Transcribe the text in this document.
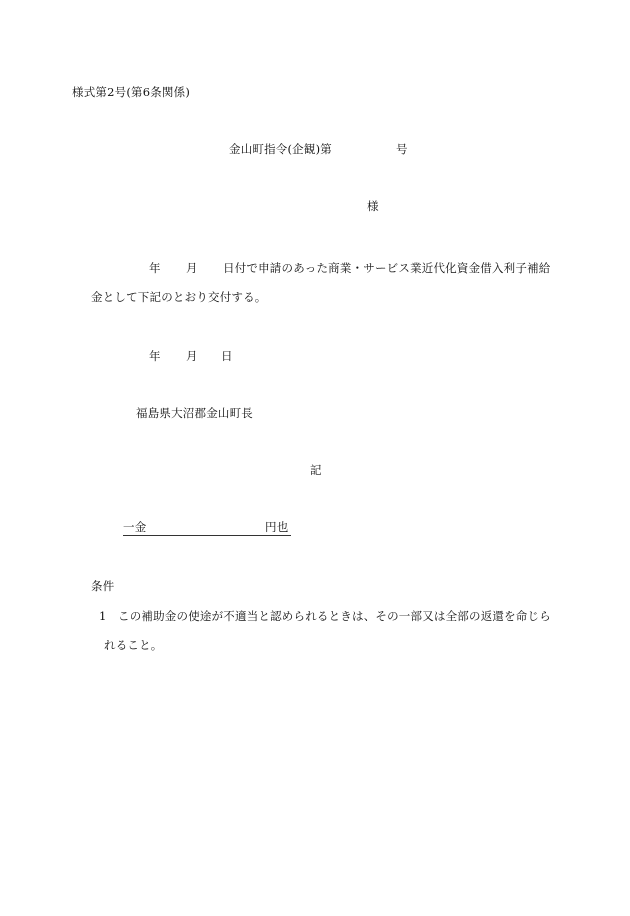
様式第2号(第6条関係)
金山町指令(企観)第	号
様
年 月 日付で申請のあった商業・サービス業近代化資金借入利子補給
金として下記のとおり交付する。
年 月 日
福島県大沼郡金山町長
記
一金	円也
条件
1 この補助金の使途が不適当と認められるときは、その一部又は全部の返還を命じら
れること。
